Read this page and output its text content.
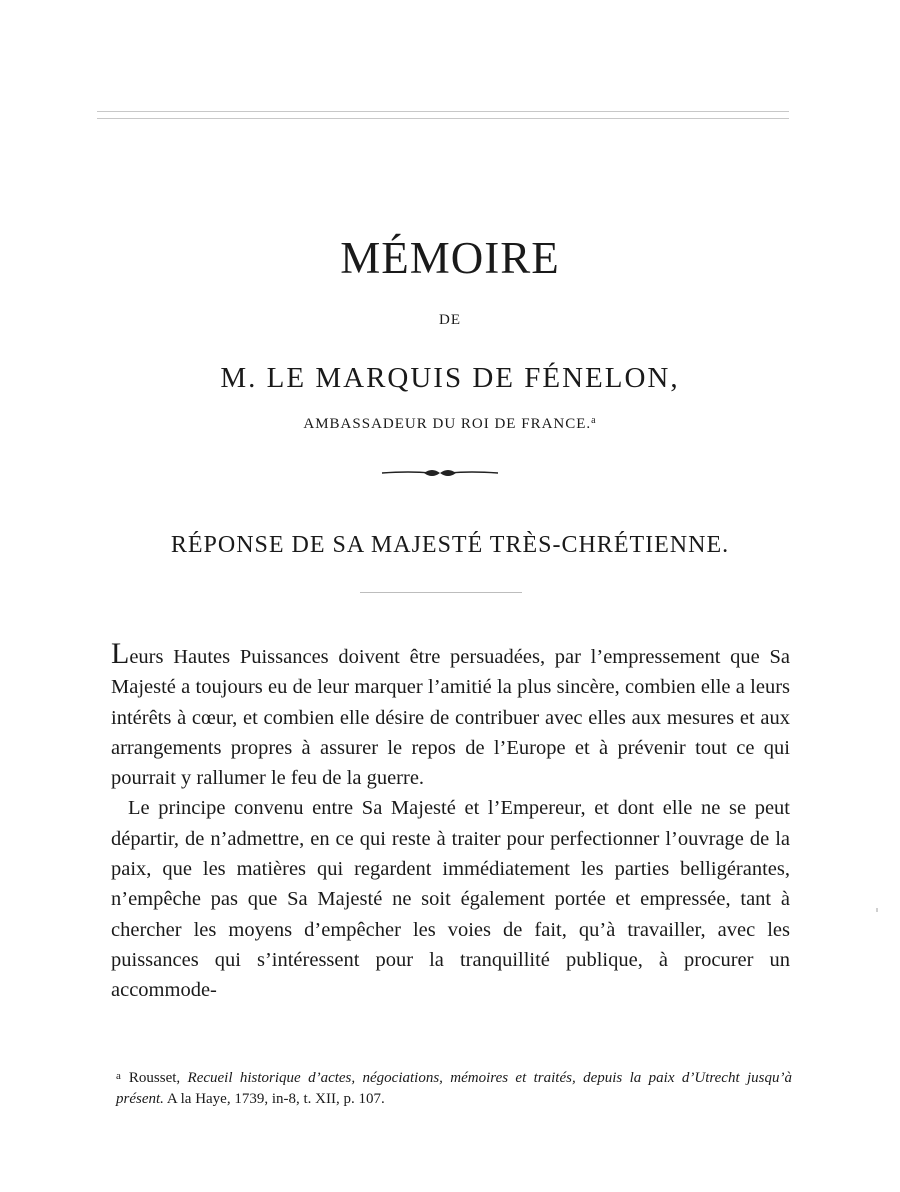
MÉMOIRE
DE
M. LE MARQUIS DE FÉNELON,
AMBASSADEUR DU ROI DE FRANCE.$^a$
RÉPONSE DE SA MAJESTÉ TRÈS-CHRÉTIENNE.

Leurs Hautes Puissances doivent être persuadées, par l’empressement que Sa Majesté a toujours eu de leur marquer l’amitié la plus sincère, combien elle a leurs intérêts à cœur, et combien elle désire de contribuer avec elles aux mesures et aux arrangements propres à assurer le repos de l’Europe et à prévenir tout ce qui pourrait y rallumer le feu de la guerre.

Le principe convenu entre Sa Majesté et l’Empereur, et dont elle ne se peut départir, de n’admettre, en ce qui reste à traiter pour perfectionner l’ouvrage de la paix, que les matières qui regardent immédiatement les parties belligérantes, n’empêche pas que Sa Majesté ne soit également portée et empressée, tant à chercher les moyens d’empêcher les voies de fait, qu’à travailler, avec les puissances qui s’intéressent pour la tranquillité publique, à procurer un accommode-

$^a$ Rousset, Recueil historique d’actes, négociations, mémoires et traités, depuis la paix d’Utrecht jusqu’à présent. A la Haye, 1739, in-8, t. XII, p. 107.
